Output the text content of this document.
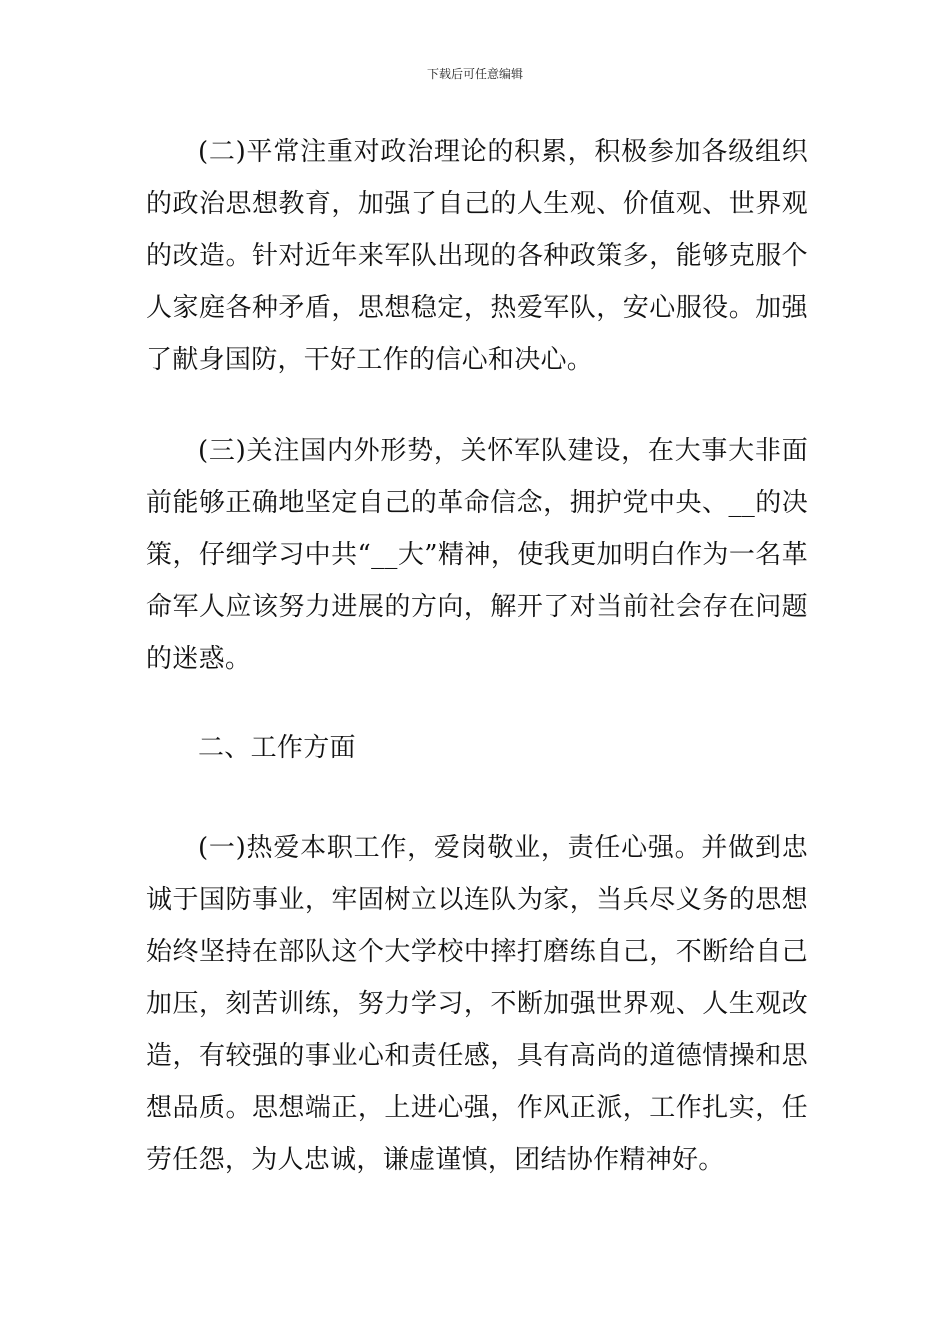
下载后可任意编辑

(二)平常注重对政治理论的积累，积极参加各级组织的政治思想教育，加强了自己的人生观、价值观、世界观的改造。针对近年来军队出现的各种政策多，能够克服个人家庭各种矛盾，思想稳定，热爱军队，安心服役。加强了献身国防，干好工作的信心和决心。

(三)关注国内外形势，关怀军队建设，在大事大非面前能够正确地坚定自己的革命信念，拥护党中央、__的决策，仔细学习中共“__大”精神，使我更加明白作为一名革命军人应该努力进展的方向，解开了对当前社会存在问题的迷惑。

二、工作方面

(一)热爱本职工作，爱岗敬业，责任心强。并做到忠诚于国防事业，牢固树立以连队为家，当兵尽义务的思想始终坚持在部队这个大学校中摔打磨练自己，不断给自己加压，刻苦训练，努力学习，不断加强世界观、人生观改造，有较强的事业心和责任感，具有高尚的道德情操和思想品质。思想端正，上进心强，作风正派，工作扎实，任劳任怨，为人忠诚，谦虚谨慎，团结协作精神好。
